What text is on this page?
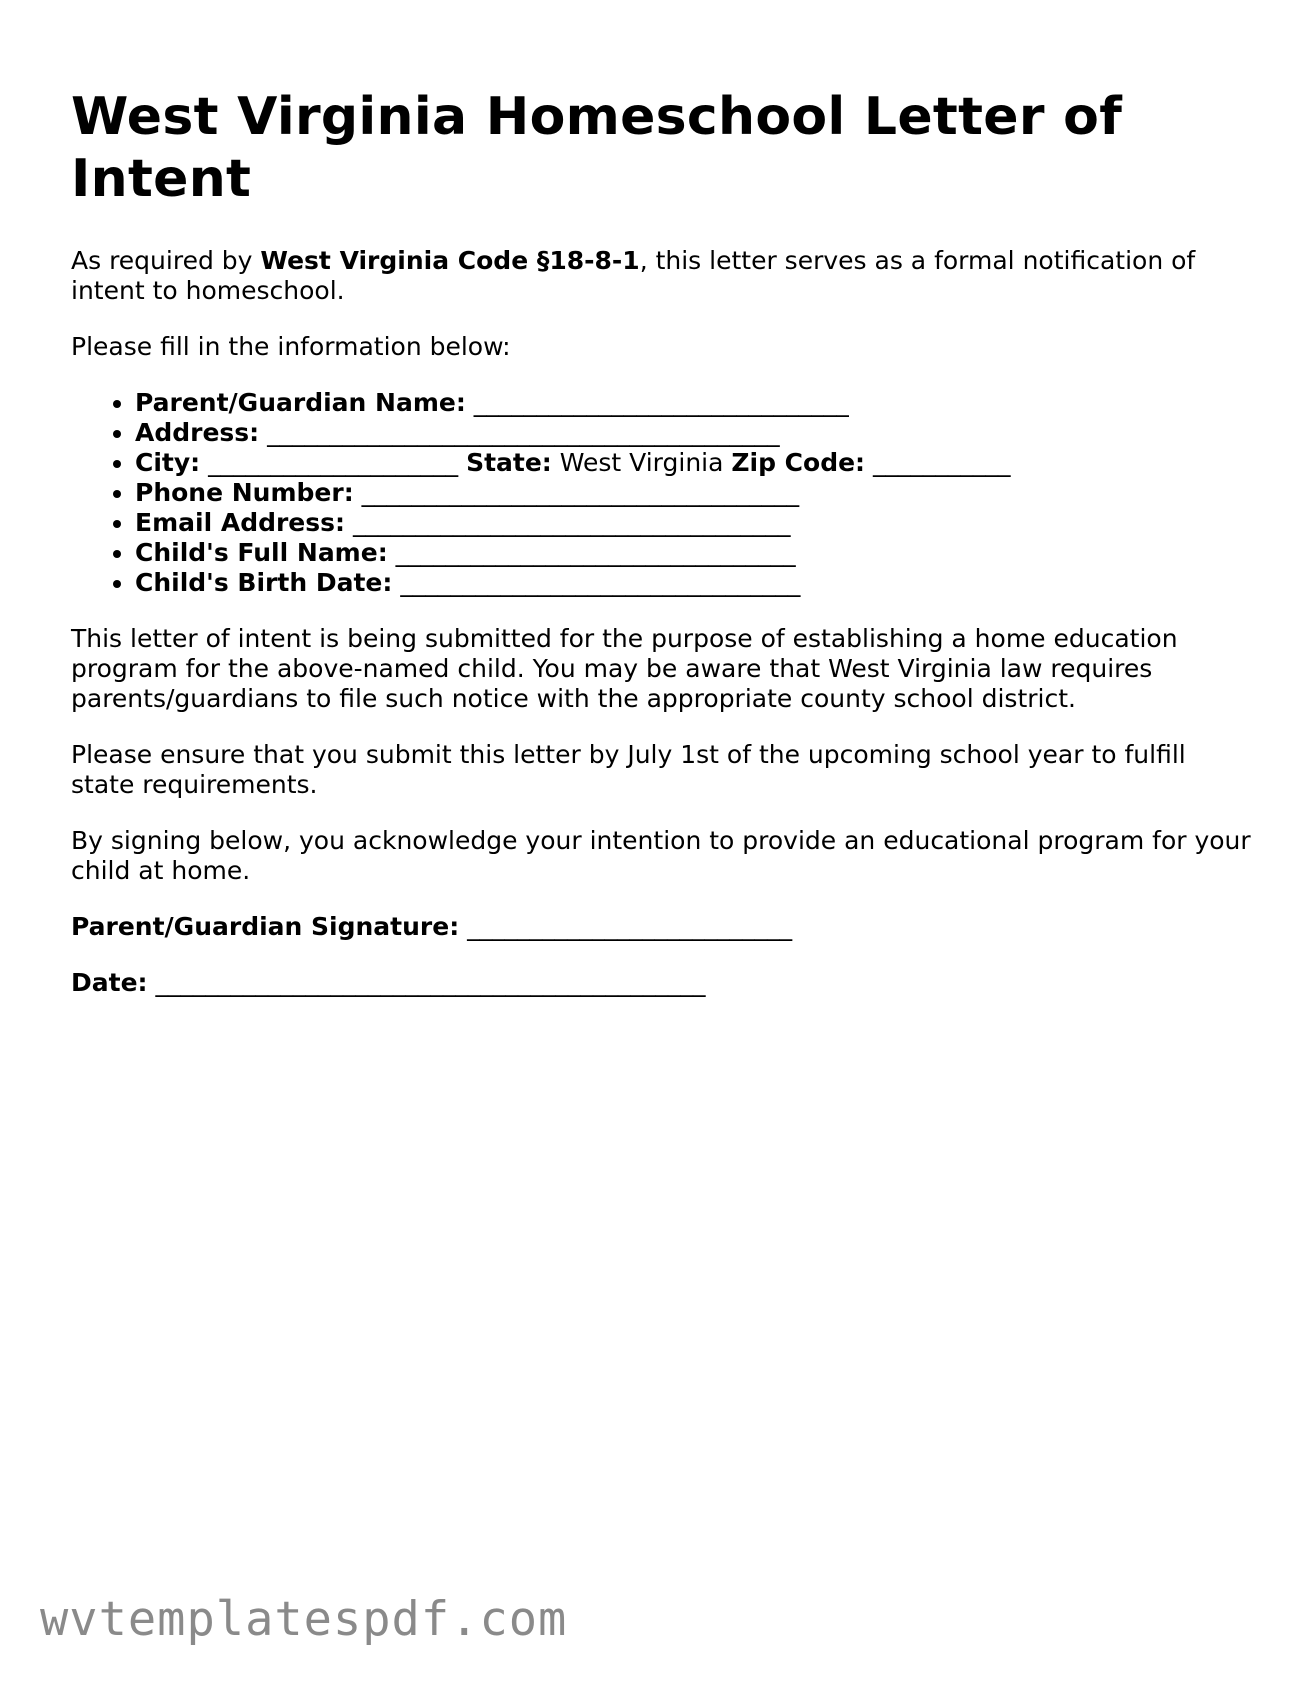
West Virginia Homeschool Letter of Intent

As required by West Virginia Code §18-8-1, this letter serves as a formal notification of intent to homeschool.

Please fill in the information below:

• Parent/Guardian Name: ______________________________
• Address: _________________________________________
• City: ____________________ State: West Virginia Zip Code: ___________
• Phone Number: ___________________________________
• Email Address: ___________________________________
• Child's Full Name: ________________________________
• Child's Birth Date: ________________________________

This letter of intent is being submitted for the purpose of establishing a home education program for the above-named child. You may be aware that West Virginia law requires parents/guardians to file such notice with the appropriate county school district.

Please ensure that you submit this letter by July 1st of the upcoming school year to fulfill state requirements.

By signing below, you acknowledge your intention to provide an educational program for your child at home.

Parent/Guardian Signature: __________________________

Date: ____________________________________________

wvtemplatespdf.com
